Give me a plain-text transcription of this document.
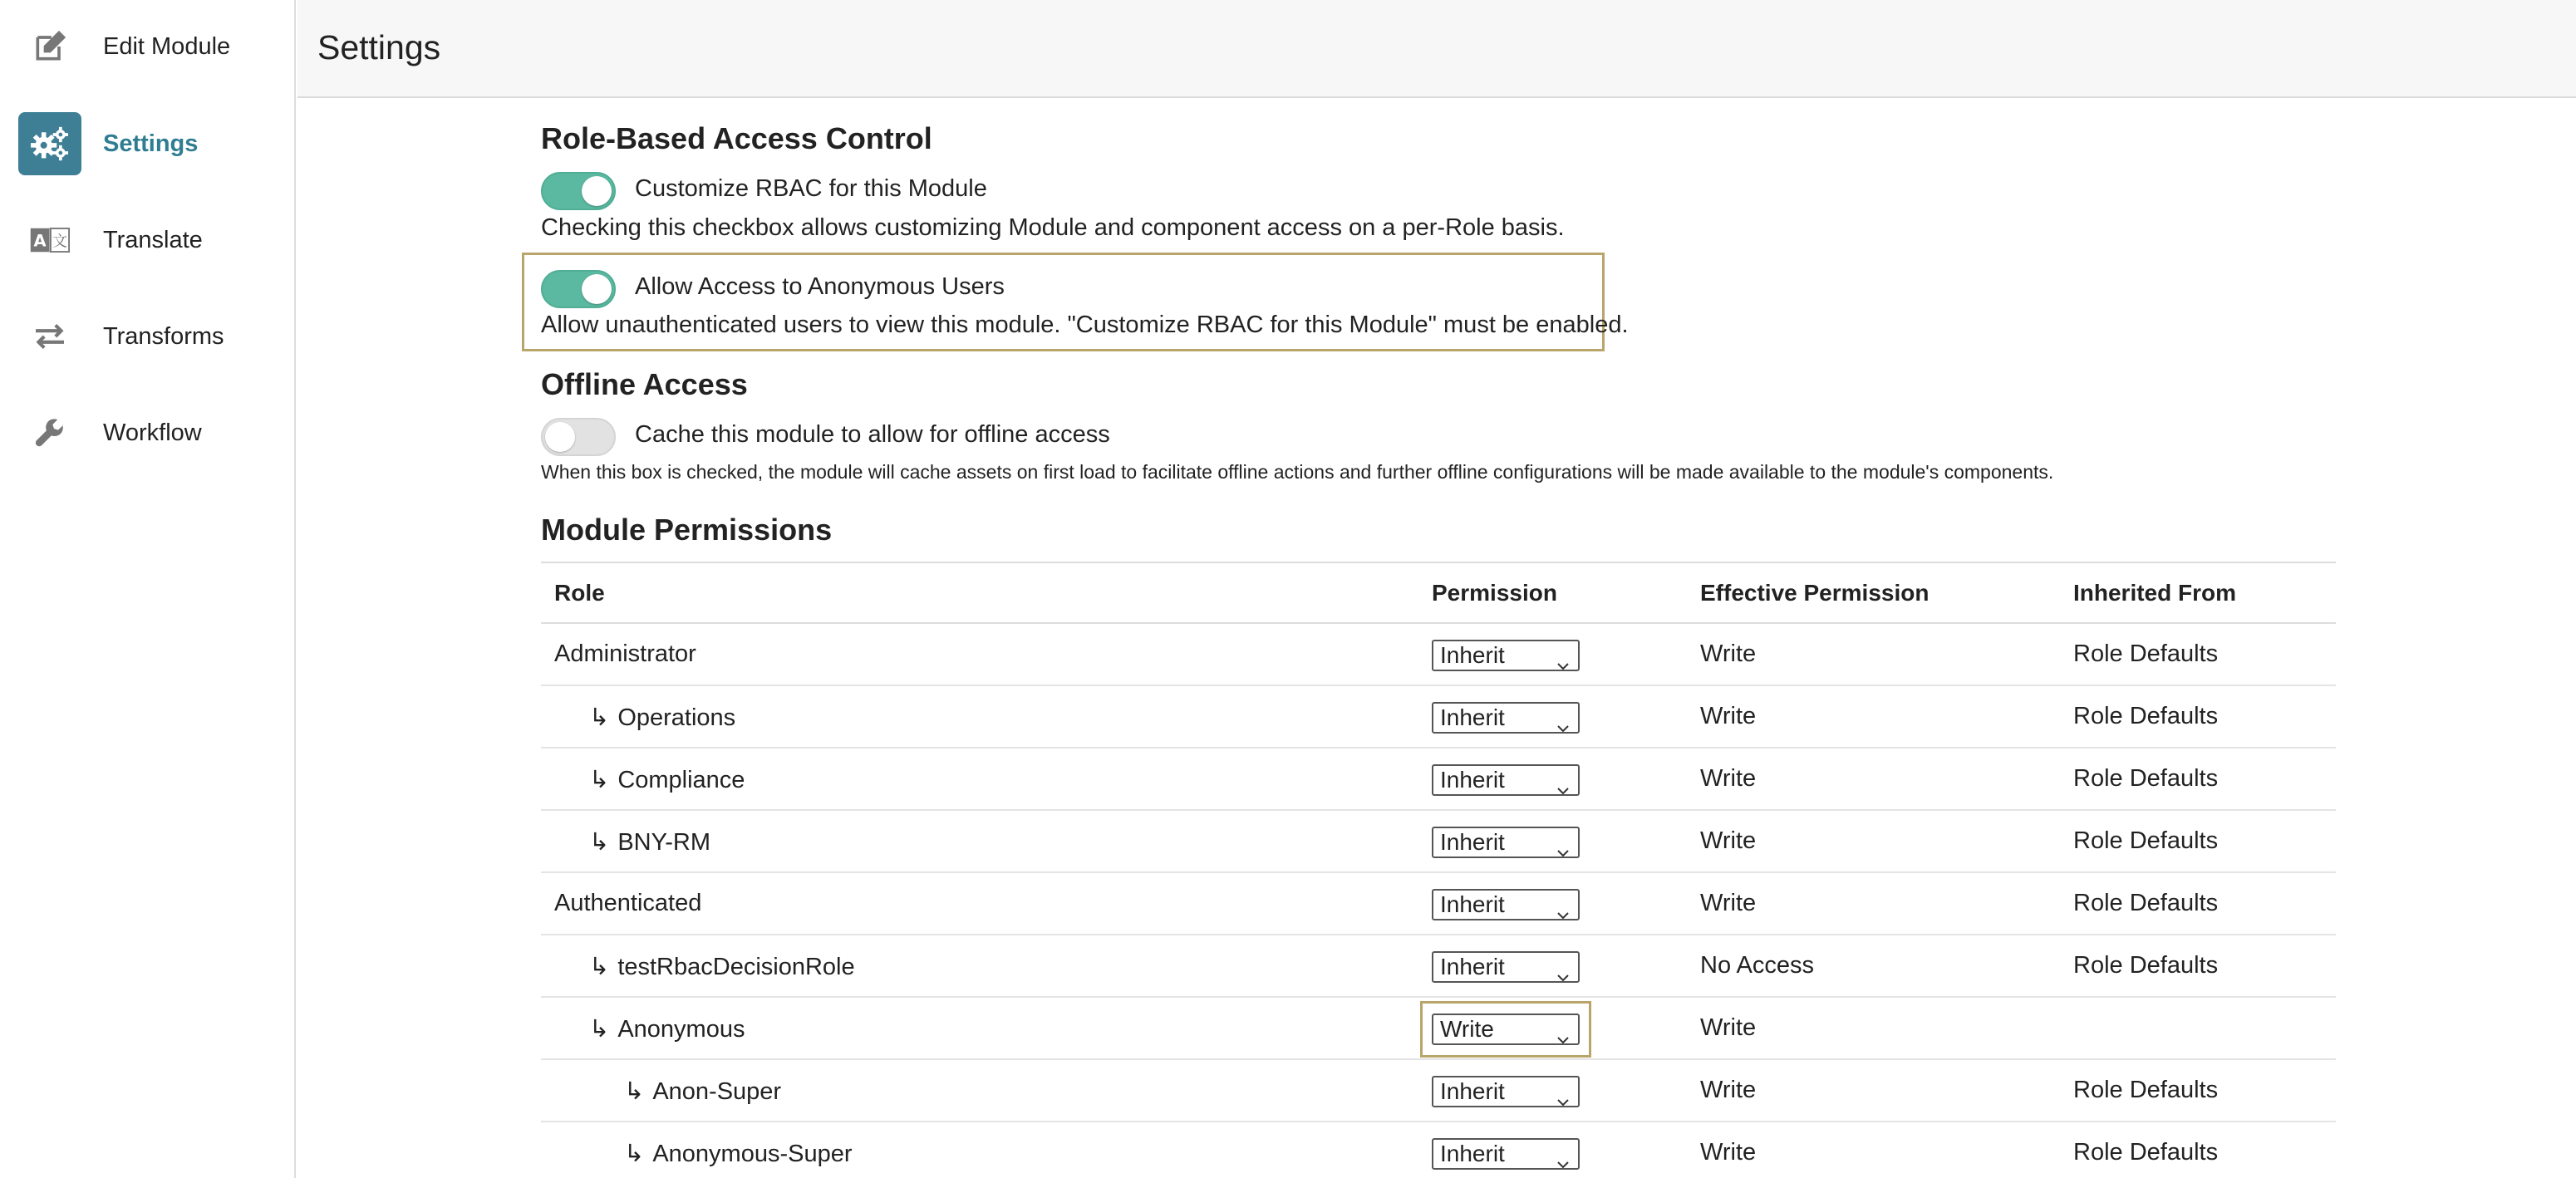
Edit Module
Settings
A 文 Translate
Transforms
Workflow
Settings
Role-Based Access Control
Customize RBAC for this Module
Checking this checkbox allows customizing Module and component access on a per-Role basis.
Allow Access to Anonymous Users
Allow unauthenticated users to view this module. "Customize RBAC for this Module" must be enabled.
Offline Access
Cache this module to allow for offline access
When this box is checked, the module will cache assets on first load to facilitate offline actions and further offline configurations will be made available to the module's components.
Module Permissions
Role	Permission	Effective Permission	Inherited From
Administrator	Inherit	Write	Role Defaults
↳ Operations	Inherit	Write	Role Defaults
↳ Compliance	Inherit	Write	Role Defaults
↳ BNY-RM	Inherit	Write	Role Defaults
Authenticated	Inherit	Write	Role Defaults
↳ testRbacDecisionRole	Inherit	No Access	Role Defaults
↳ Anonymous	Write	Write
↳ Anon-Super	Inherit	Write	Role Defaults
↳ Anonymous-Super	Inherit	Write	Role Defaults
